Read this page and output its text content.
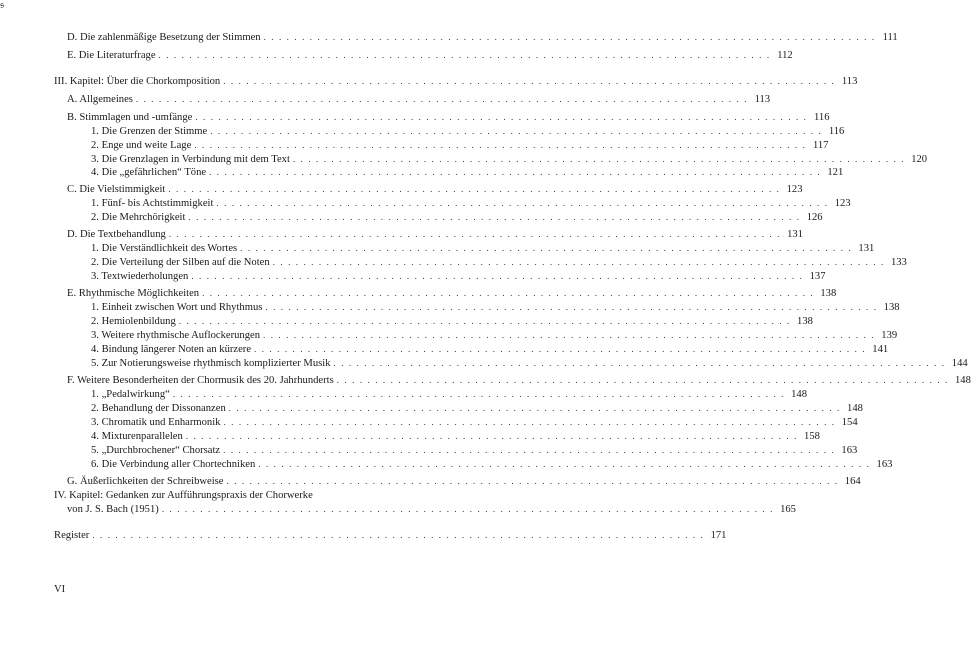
𝔰
D. Die zahlenmäßige Besetzung der Stimmen . . . . . . . . . . . . . . . . . . . . . . . . . . . . . . . . . . . . . . . . . . . . . . . . . . . . . . . . . . . . . . . . . . . . . . . . . . . . . . . . 111
E. Die Literaturfrage . . . . . . . . . . . . . . . . . . . . . . . . . . . . . . . . . . . . . . . . . . . . . . . . . . . . . . . . . . . . . . . . . . . . . . . . . . . . . . . . 112
III. Kapitel: Über die Chorkomposition . . . . . . . . . . . . . . . . . . . . . . . . . . . . . . . . . . . . . . . . . . . . . . . . . . . . . . . . . . . . . . . . . . . . . . . . . . . . . . . . 113
A. Allgemeines . . . . . . . . . . . . . . . . . . . . . . . . . . . . . . . . . . . . . . . . . . . . . . . . . . . . . . . . . . . . . . . . . . . . . . . . . . . . . . . . 113
B. Stimmlagen und -umfänge . . . . . . . . . . . . . . . . . . . . . . . . . . . . . . . . . . . . . . . . . . . . . . . . . . . . . . . . . . . . . . . . . . . . . . . . . . . . . . . . 116
1. Die Grenzen der Stimme . . . . . . . . . . . . . . . . . . . . . . . . . . . . . . . . . . . . . . . . . . . . . . . . . . . . . . . . . . . . . . . . . . . . . . . . . . . . . . . . 116
2. Enge und weite Lage . . . . . . . . . . . . . . . . . . . . . . . . . . . . . . . . . . . . . . . . . . . . . . . . . . . . . . . . . . . . . . . . . . . . . . . . . . . . . . . . 117
3. Die Grenzlagen in Verbindung mit dem Text . . . . . . . . . . . . . . . . . . . . . . . . . . . . . . . . . . . . . . . . . . . . . . . . . . . . . . . . . . . . . . . . . . . . . . . . . . . . . . . . 120
4. Die „gefährlichen“ Töne . . . . . . . . . . . . . . . . . . . . . . . . . . . . . . . . . . . . . . . . . . . . . . . . . . . . . . . . . . . . . . . . . . . . . . . . . . . . . . . . 121
C. Die Vielstimmigkeit . . . . . . . . . . . . . . . . . . . . . . . . . . . . . . . . . . . . . . . . . . . . . . . . . . . . . . . . . . . . . . . . . . . . . . . . . . . . . . . . 123
1. Fünf- bis Achtstimmigkeit . . . . . . . . . . . . . . . . . . . . . . . . . . . . . . . . . . . . . . . . . . . . . . . . . . . . . . . . . . . . . . . . . . . . . . . . . . . . . . . . 123
2. Die Mehrchörigkeit . . . . . . . . . . . . . . . . . . . . . . . . . . . . . . . . . . . . . . . . . . . . . . . . . . . . . . . . . . . . . . . . . . . . . . . . . . . . . . . . 126
D. Die Textbehandlung . . . . . . . . . . . . . . . . . . . . . . . . . . . . . . . . . . . . . . . . . . . . . . . . . . . . . . . . . . . . . . . . . . . . . . . . . . . . . . . . 131
1. Die Verständlichkeit des Wortes . . . . . . . . . . . . . . . . . . . . . . . . . . . . . . . . . . . . . . . . . . . . . . . . . . . . . . . . . . . . . . . . . . . . . . . . . . . . . . . . 131
2. Die Verteilung der Silben auf die Noten . . . . . . . . . . . . . . . . . . . . . . . . . . . . . . . . . . . . . . . . . . . . . . . . . . . . . . . . . . . . . . . . . . . . . . . . . . . . . . . . 133
3. Textwiederholungen . . . . . . . . . . . . . . . . . . . . . . . . . . . . . . . . . . . . . . . . . . . . . . . . . . . . . . . . . . . . . . . . . . . . . . . . . . . . . . . . 137
E. Rhythmische Möglichkeiten . . . . . . . . . . . . . . . . . . . . . . . . . . . . . . . . . . . . . . . . . . . . . . . . . . . . . . . . . . . . . . . . . . . . . . . . . . . . . . . . 138
1. Einheit zwischen Wort und Rhythmus . . . . . . . . . . . . . . . . . . . . . . . . . . . . . . . . . . . . . . . . . . . . . . . . . . . . . . . . . . . . . . . . . . . . . . . . . . . . . . . . 138
2. Hemiolenbildung . . . . . . . . . . . . . . . . . . . . . . . . . . . . . . . . . . . . . . . . . . . . . . . . . . . . . . . . . . . . . . . . . . . . . . . . . . . . . . . . 138
3. Weitere rhythmische Auflockerungen . . . . . . . . . . . . . . . . . . . . . . . . . . . . . . . . . . . . . . . . . . . . . . . . . . . . . . . . . . . . . . . . . . . . . . . . . . . . . . . . 139
4. Bindung längerer Noten an kürzere . . . . . . . . . . . . . . . . . . . . . . . . . . . . . . . . . . . . . . . . . . . . . . . . . . . . . . . . . . . . . . . . . . . . . . . . . . . . . . . . 141
5. Zur Notierungsweise rhythmisch komplizierter Musik . . . . . . . . . . . . . . . . . . . . . . . . . . . . . . . . . . . . . . . . . . . . . . . . . . . . . . . . . . . . . . . . . . . . . . . . . . . . . . . . 144
F. Weitere Besonderheiten der Chormusik des 20. Jahrhunderts . . . . . . . . . . . . . . . . . . . . . . . . . . . . . . . . . . . . . . . . . . . . . . . . . . . . . . . . . . . . . . . . . . . . . . . . . . . . . . . . 148
1. „Pedalwirkung“ . . . . . . . . . . . . . . . . . . . . . . . . . . . . . . . . . . . . . . . . . . . . . . . . . . . . . . . . . . . . . . . . . . . . . . . . . . . . . . . . 148
2. Behandlung der Dissonanzen . . . . . . . . . . . . . . . . . . . . . . . . . . . . . . . . . . . . . . . . . . . . . . . . . . . . . . . . . . . . . . . . . . . . . . . . . . . . . . . . 148
3. Chromatik und Enharmonik . . . . . . . . . . . . . . . . . . . . . . . . . . . . . . . . . . . . . . . . . . . . . . . . . . . . . . . . . . . . . . . . . . . . . . . . . . . . . . . . 154
4. Mixturenparallelen . . . . . . . . . . . . . . . . . . . . . . . . . . . . . . . . . . . . . . . . . . . . . . . . . . . . . . . . . . . . . . . . . . . . . . . . . . . . . . . . 158
5. „Durchbrochener“ Chorsatz . . . . . . . . . . . . . . . . . . . . . . . . . . . . . . . . . . . . . . . . . . . . . . . . . . . . . . . . . . . . . . . . . . . . . . . . . . . . . . . . 163
6. Die Verbindung aller Chortechniken . . . . . . . . . . . . . . . . . . . . . . . . . . . . . . . . . . . . . . . . . . . . . . . . . . . . . . . . . . . . . . . . . . . . . . . . . . . . . . . . 163
G. Äußerlichkeiten der Schreibweise . . . . . . . . . . . . . . . . . . . . . . . . . . . . . . . . . . . . . . . . . . . . . . . . . . . . . . . . . . . . . . . . . . . . . . . . . . . . . . . . 164
von J. S. Bach (1951) . . . . . . . . . . . . . . . . . . . . . . . . . . . . . . . . . . . . . . . . . . . . . . . . . . . . . . . . . . . . . . . . . . . . . . . . . . . . . . . . 165
Register . . . . . . . . . . . . . . . . . . . . . . . . . . . . . . . . . . . . . . . . . . . . . . . . . . . . . . . . . . . . . . . . . . . . . . . . . . . . . . . . 171
IV. Kapitel: Gedanken zur Aufführungspraxis der Chorwerke
VI
